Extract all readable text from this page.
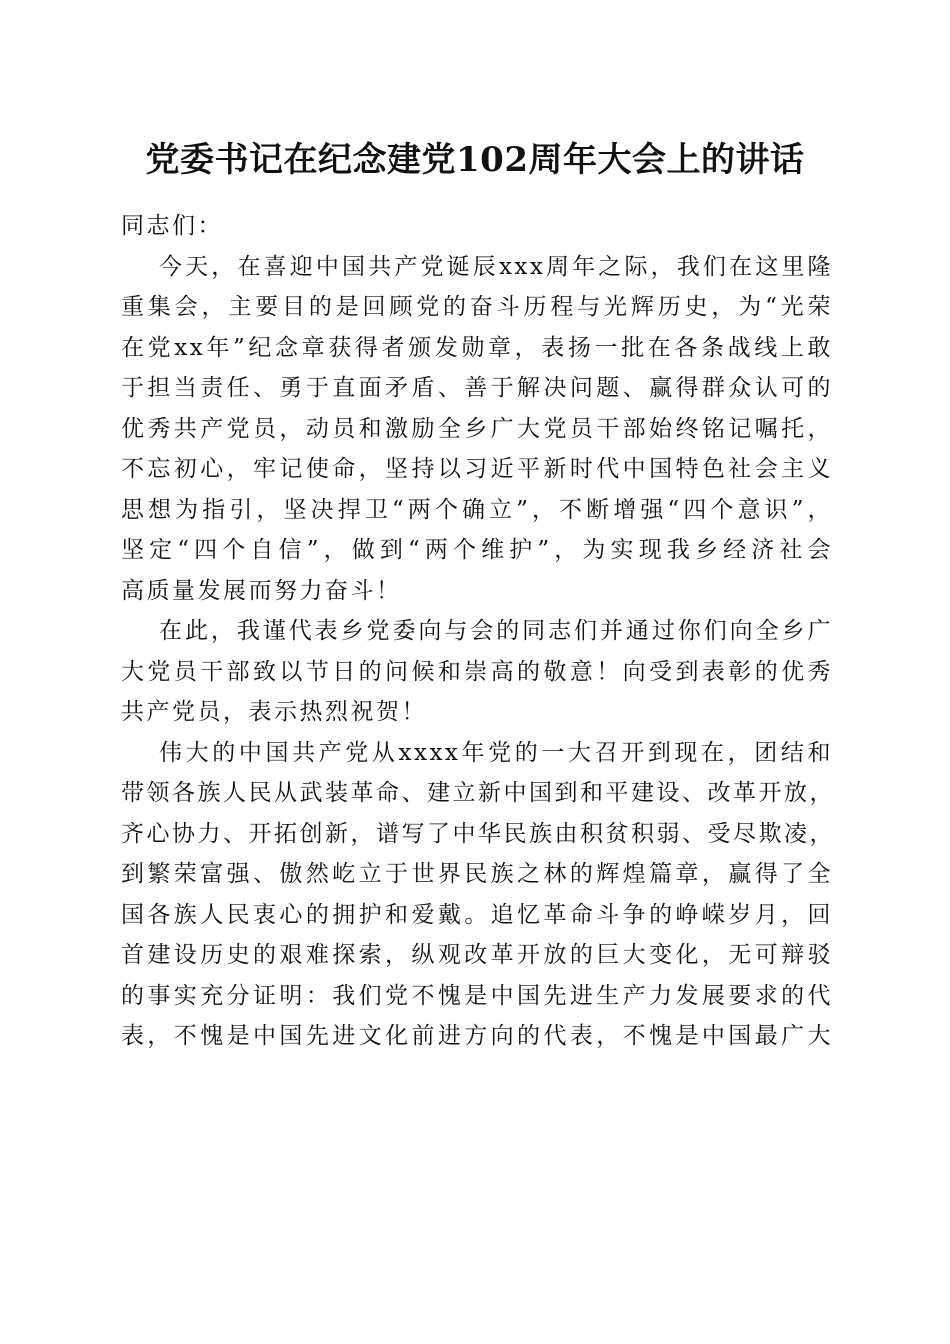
党委书记在纪念建党102周年大会上的讲话

同志们：

今天，在喜迎中国共产党诞辰xxx周年之际，我们在这里隆
重集会，主要目的是回顾党的奋斗历程与光辉历史，为“光荣
在党xx年”纪念章获得者颁发勋章，表扬一批在各条战线上敢
于担当责任、勇于直面矛盾、善于解决问题、赢得群众认可的
优秀共产党员，动员和激励全乡广大党员干部始终铭记嘱托，
不忘初心，牢记使命，坚持以习近平新时代中国特色社会主义
思想为指引，坚决捍卫“两个确立”，不断增强“四个意识”，
坚定“四个自信”，做到“两个维护”，为实现我乡经济社会
高质量发展而努力奋斗！

在此，我谨代表乡党委向与会的同志们并通过你们向全乡广
大党员干部致以节日的问候和崇高的敬意！向受到表彰的优秀
共产党员，表示热烈祝贺！

伟大的中国共产党从xxxx年党的一大召开到现在，团结和
带领各族人民从武装革命、建立新中国到和平建设、改革开放，
齐心协力、开拓创新，谱写了中华民族由积贫积弱、受尽欺凌，
到繁荣富强、傲然屹立于世界民族之林的辉煌篇章，赢得了全
国各族人民衷心的拥护和爱戴。追忆革命斗争的峥嵘岁月，回
首建设历史的艰难探索，纵观改革开放的巨大变化，无可辩驳
的事实充分证明：我们党不愧是中国先进生产力发展要求的代
表，不愧是中国先进文化前进方向的代表，不愧是中国最广大
